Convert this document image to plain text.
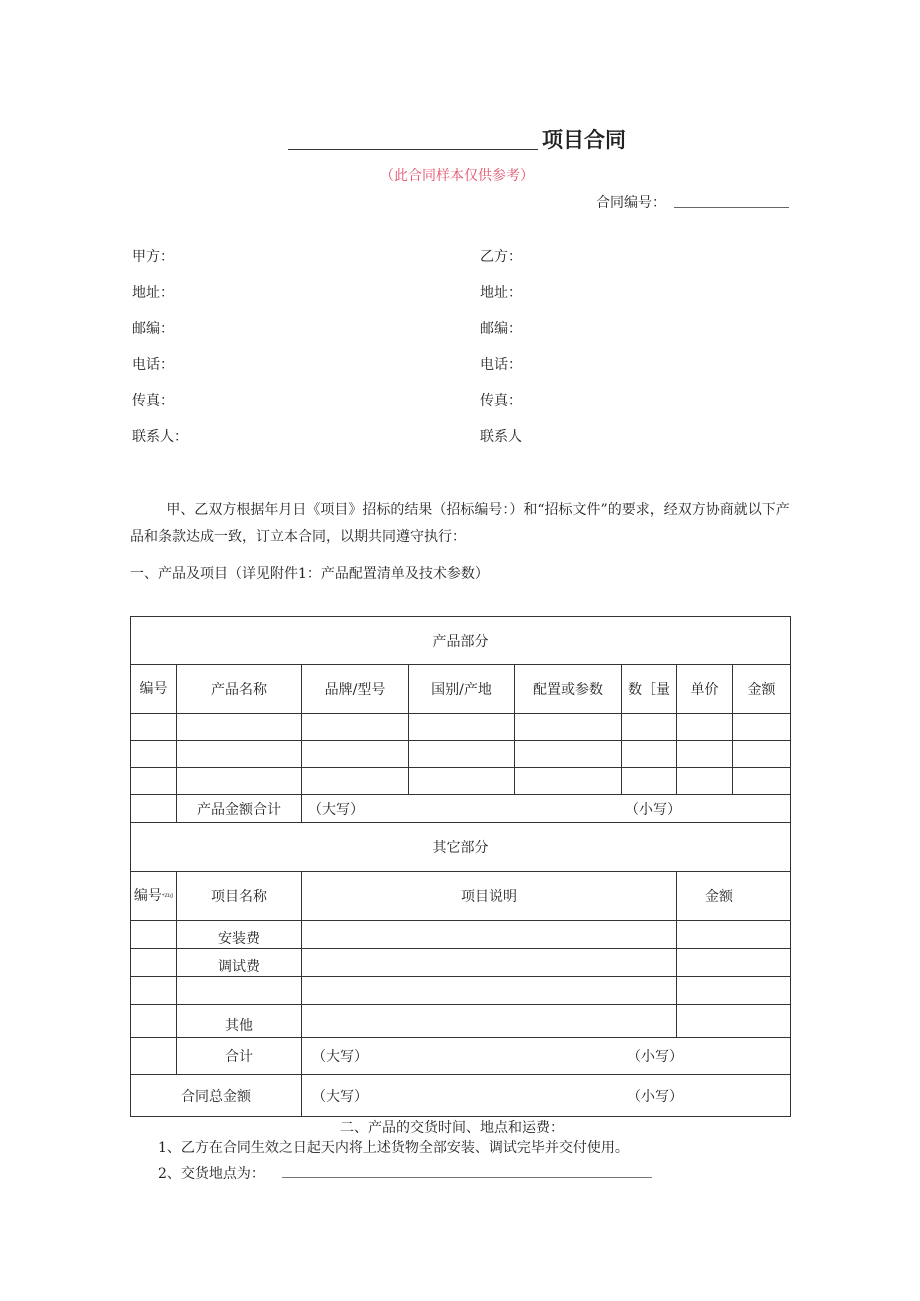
项目合同
（此合同样本仅供参考）
合同编号：
甲方：
地址：
邮编：
电话：
传真：
联系人：
乙方：
地址：
邮编：
电话：
传真：
联系人
甲、乙双方根据年月日《项目》招标的结果（招标编号：）和“招标文件”的要求，经双方协商就以下产品和条款达成一致，订立本合同，以期共同遵守执行：
一、产品及项目（详见附件1：产品配置清单及技术参数）
产品部分							
编号	产品名称	品牌/型号	国别/产地	配置或参数	数［量	单价	金额

	产品金额合计	（大写） （小写）					

其它部分							
编号$^{*ZbJ}$	项目名称	项目说明				金额	

	安装费						
	调试费						

	其他						
	合计	（大写） （小写）					

合同总金额		（大写） （小写）					
二、产品的交货时间、地点和运费：
1、乙方在合同生效之日起天内将上述货物全部安装、调试完毕并交付使用。
2、交货地点为：
